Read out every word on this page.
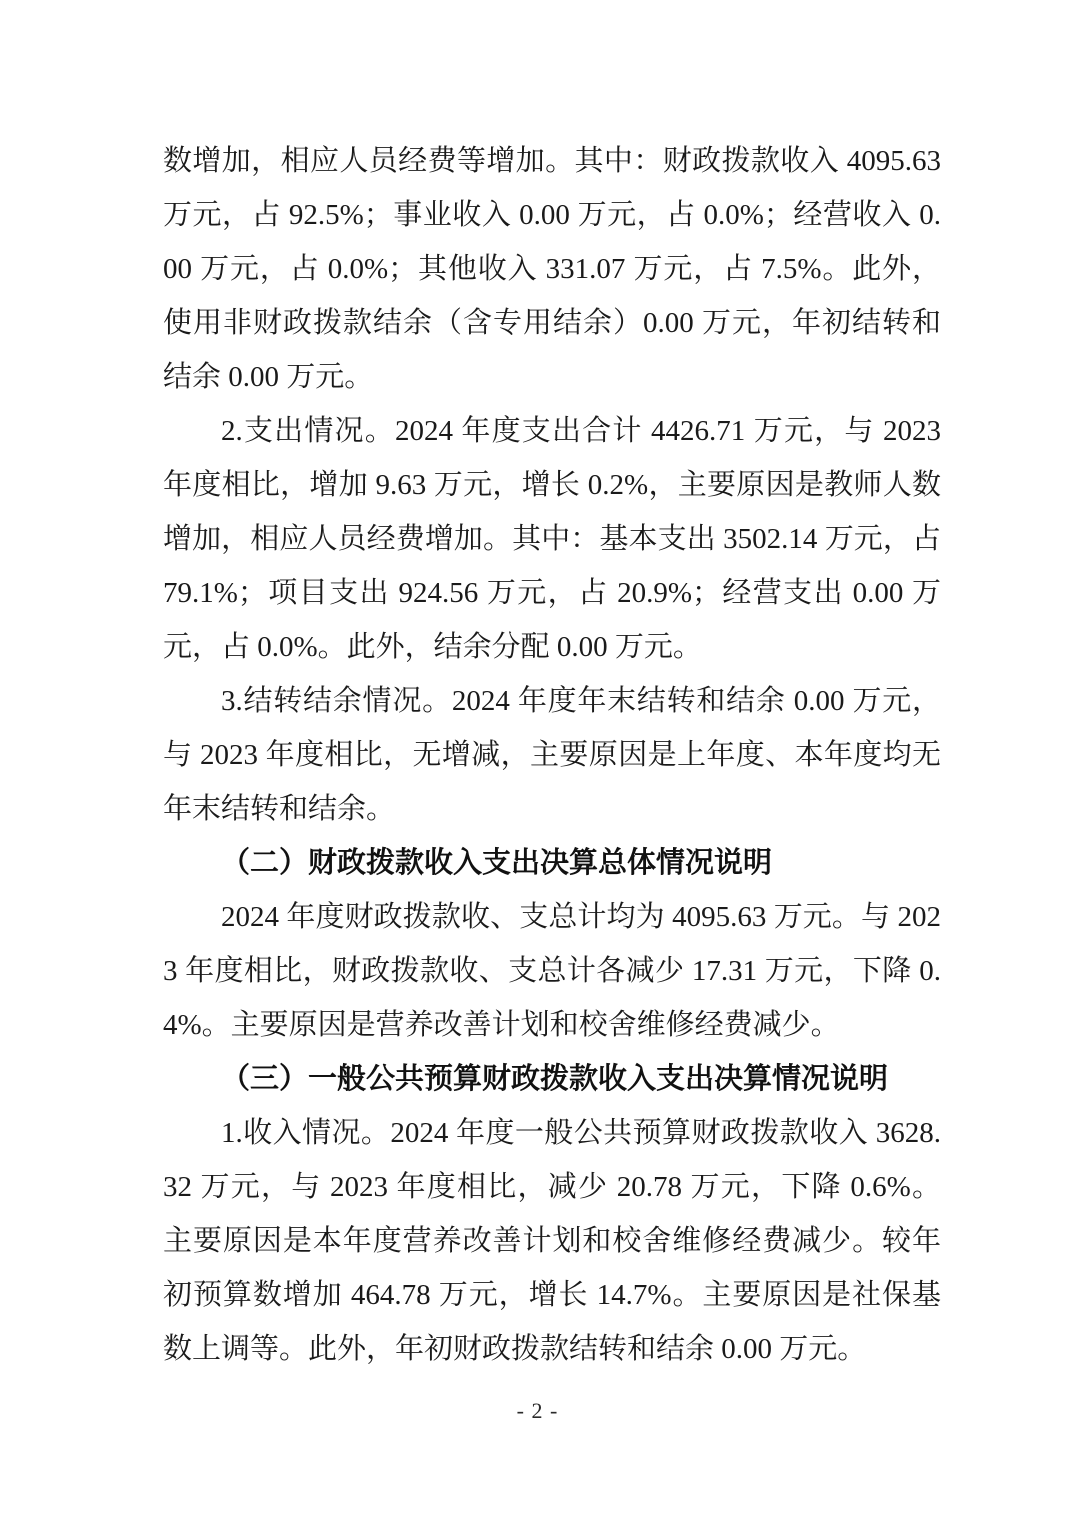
数增加，相应人员经费等增加。其中：财政拨款收入 4095.63 万元，占 92.5%；事业收入 0.00 万元，占 0.0%；经营收入 0.00 万元，占 0.0%；其他收入 331.07 万元，占 7.5%。此外，使用非财政拨款结余（含专用结余）0.00 万元，年初结转和结余 0.00 万元。

2.支出情况。2024 年度支出合计 4426.71 万元，与 2023 年度相比，增加 9.63 万元，增长 0.2%，主要原因是教师人数增加，相应人员经费增加。其中：基本支出 3502.14 万元，占 79.1%；项目支出 924.56 万元，占 20.9%；经营支出 0.00 万元，占 0.0%。此外，结余分配 0.00 万元。

3.结转结余情况。2024 年度年末结转和结余 0.00 万元，与 2023 年度相比，无增减，主要原因是上年度、本年度均无年末结转和结余。

（二）财政拨款收入支出决算总体情况说明

2024 年度财政拨款收、支总计均为 4095.63 万元。与 2023 年度相比，财政拨款收、支总计各减少 17.31 万元，下降 0.4%。主要原因是营养改善计划和校舍维修经费减少。

（三）一般公共预算财政拨款收入支出决算情况说明

1.收入情况。2024 年度一般公共预算财政拨款收入 3628.32 万元，与 2023 年度相比，减少 20.78 万元，下降 0.6%。主要原因是本年度营养改善计划和校舍维修经费减少。较年初预算数增加 464.78 万元，增长 14.7%。主要原因是社保基数上调等。此外，年初财政拨款结转和结余 0.00 万元。

- 2 -
